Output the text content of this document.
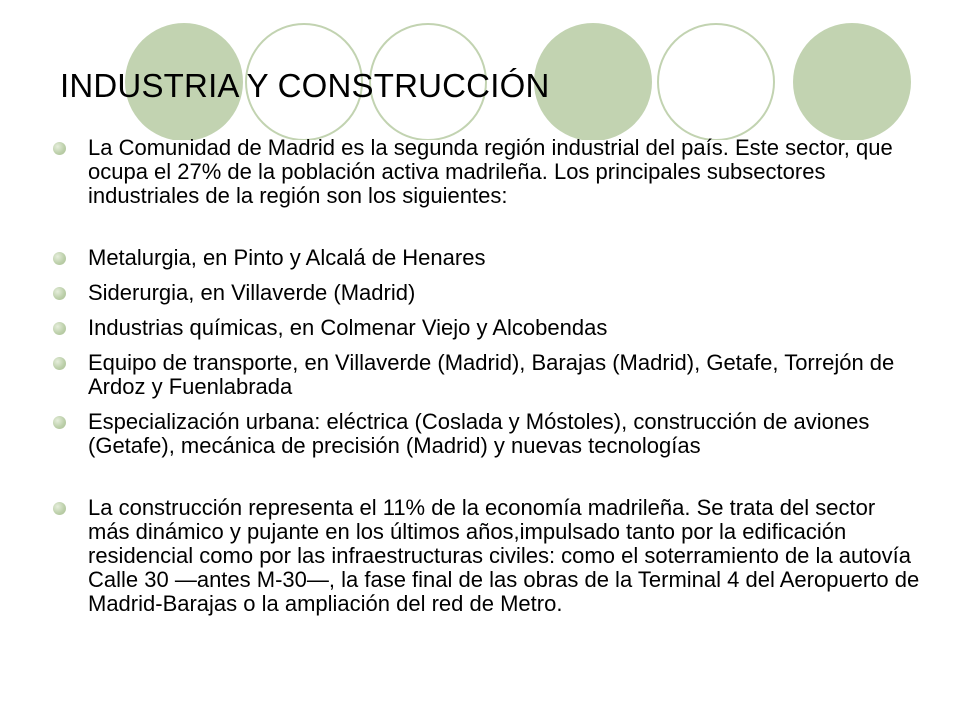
INDUSTRIA Y CONSTRUCCIÓN
La Comunidad de Madrid es la segunda región industrial del país. Este sector, que ocupa el 27% de la población activa madrileña. Los principales subsectores industriales de la región son los siguientes:
Metalurgia, en Pinto y Alcalá de Henares
Siderurgia, en Villaverde (Madrid)
Industrias químicas, en Colmenar Viejo y Alcobendas
Equipo de transporte, en Villaverde (Madrid), Barajas (Madrid), Getafe, Torrejón de Ardoz y Fuenlabrada
Especialización urbana: eléctrica (Coslada y Móstoles), construcción de aviones (Getafe), mecánica de precisión (Madrid) y nuevas tecnologías
La construcción representa el 11% de la economía madrileña. Se trata del sector más dinámico y pujante en los últimos años,impulsado tanto por la edificación residencial como por las infraestructuras civiles: como el soterramiento de la autovía Calle 30 —antes M-30—, la fase final de las obras de la Terminal 4 del Aeropuerto de Madrid-Barajas o la ampliación del red de Metro.
